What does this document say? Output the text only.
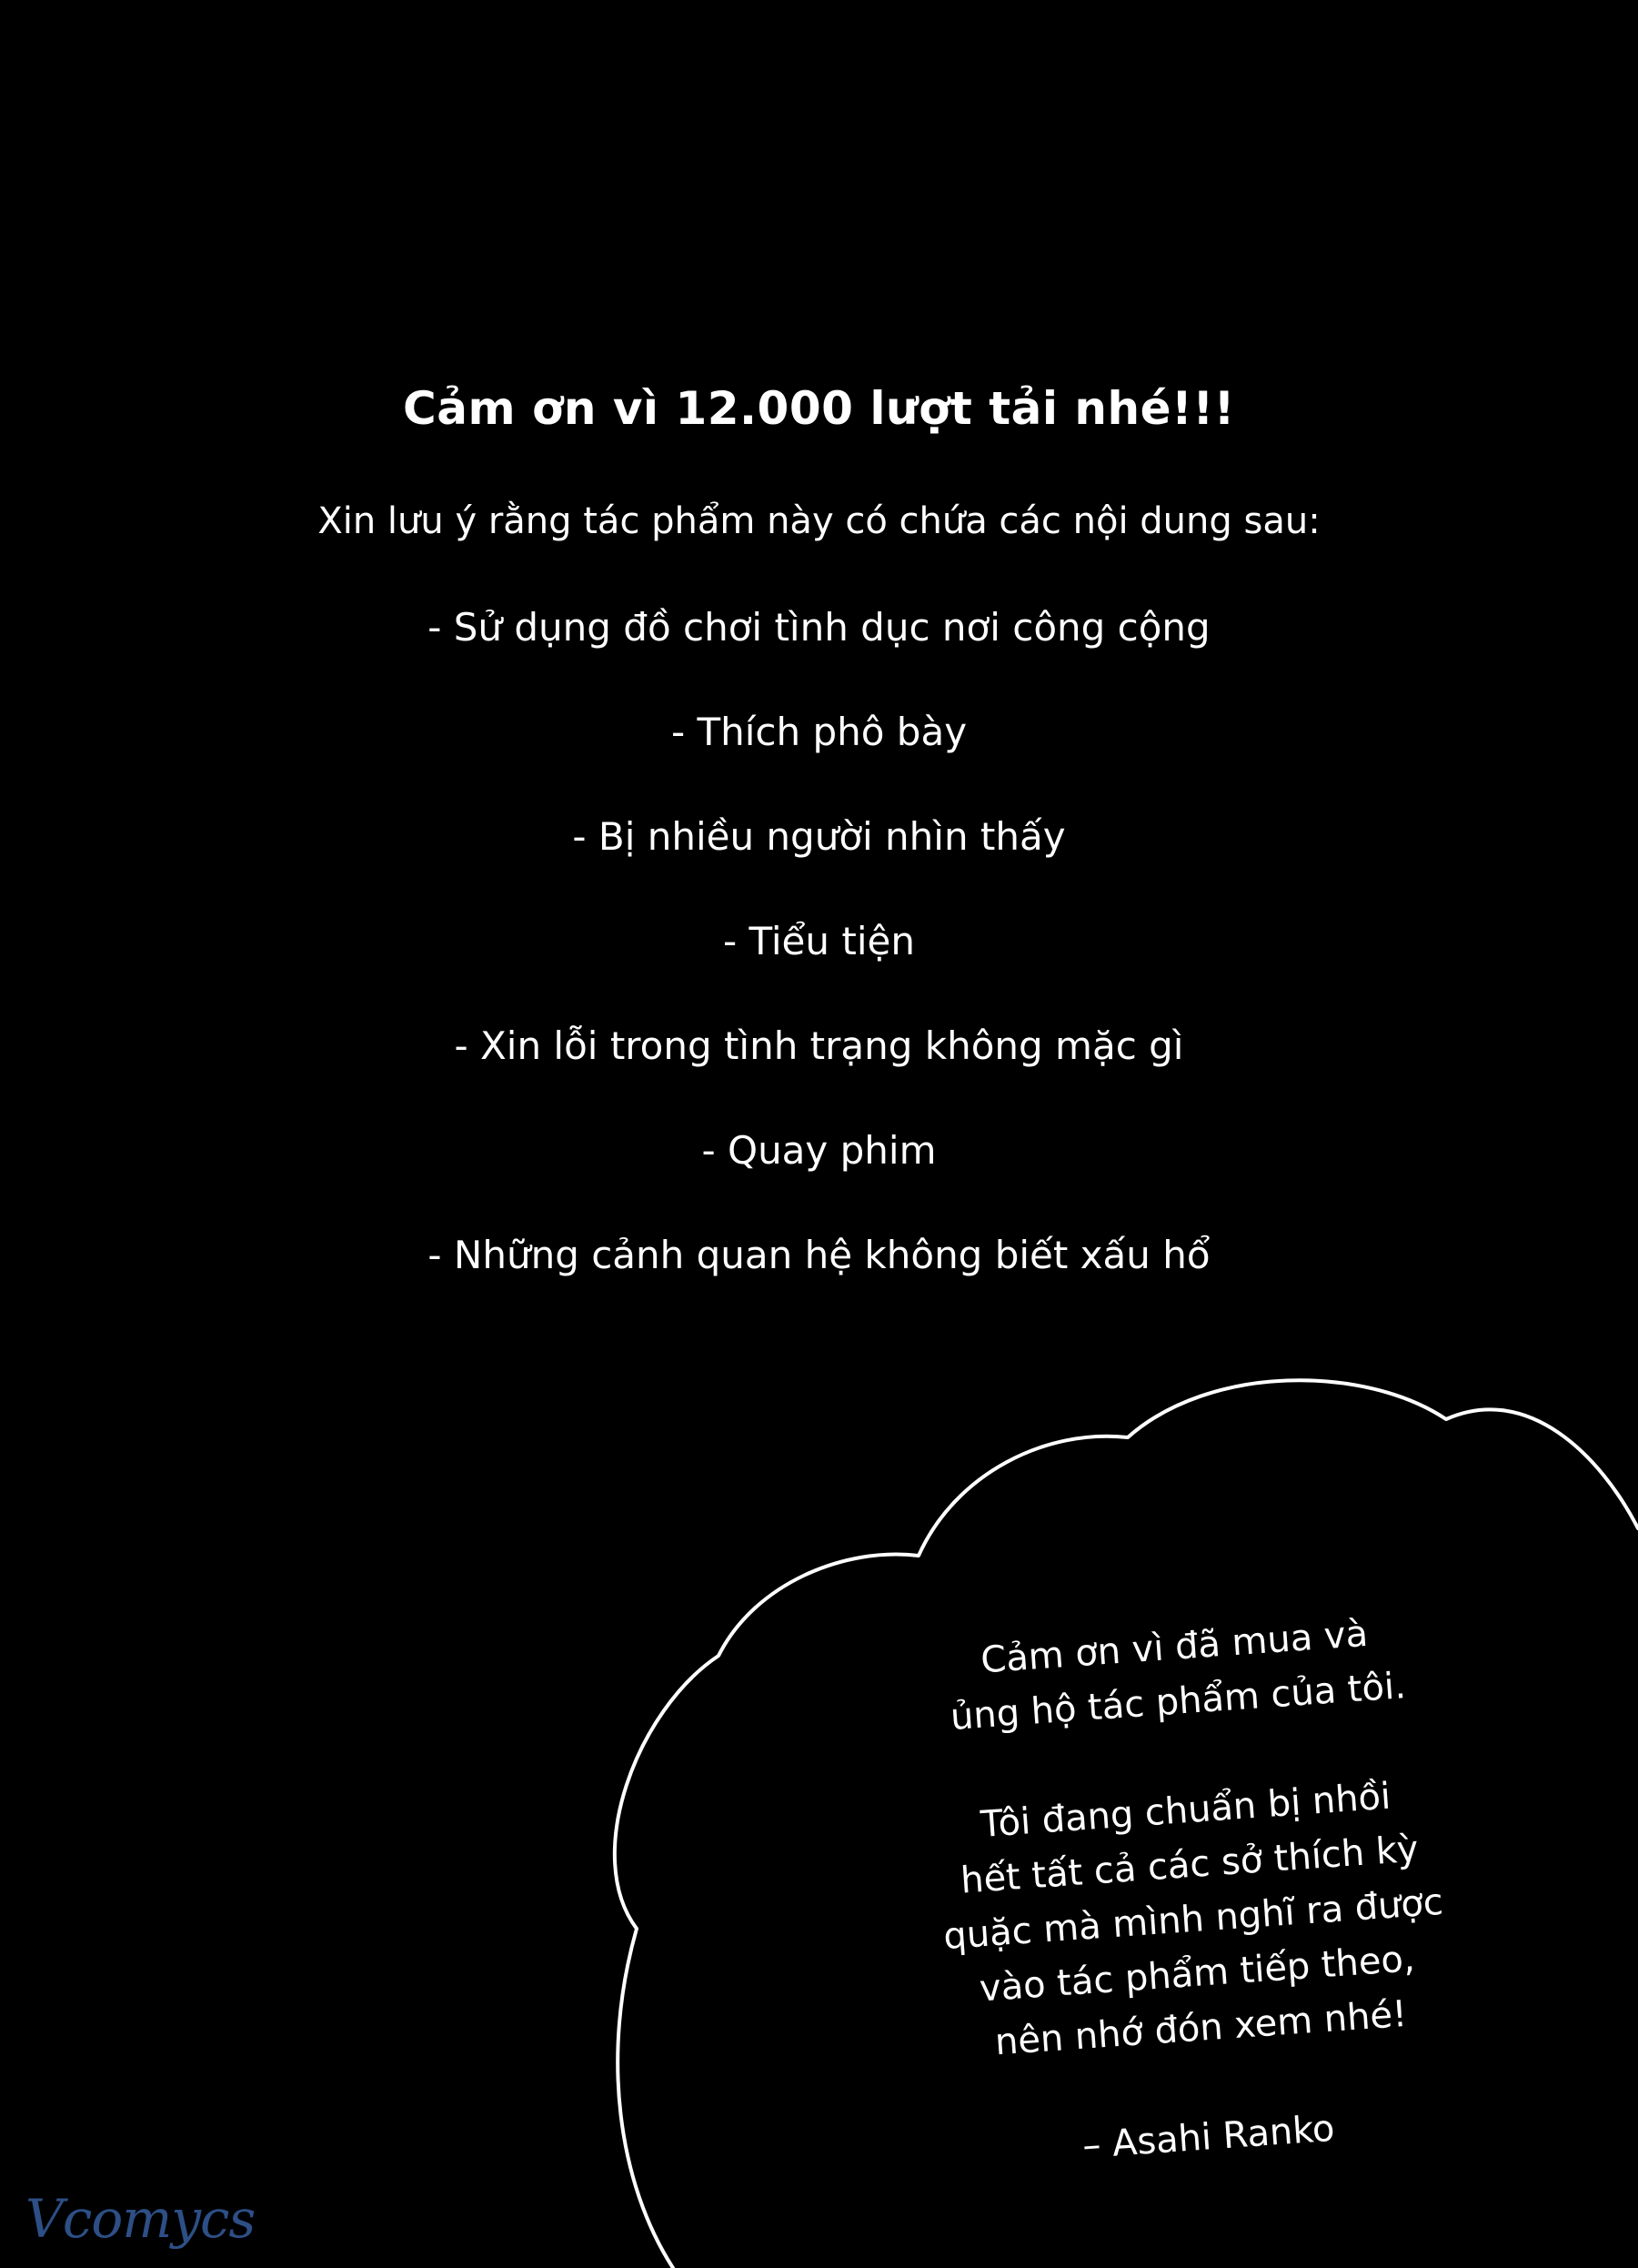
Cảm ơn vì 12.000 lượt tải nhé!!!
Xin lưu ý rằng tác phẩm này có chứa các nội dung sau:
- Sử dụng đồ chơi tình dục nơi công cộng
- Thích phô bày
- Bị nhiều người nhìn thấy
- Tiểu tiện
- Xin lỗi trong tình trạng không mặc gì
- Quay phim
- Những cảnh quan hệ không biết xấu hổ

Cảm ơn vì đã mua và

ủng hộ tác phẩm của tôi.

Tôi đang chuẩn bị nhồi

hết tất cả các sở thích kỳ

quặc mà mình nghĩ ra được

vào tác phẩm tiếp theo,

nên nhớ đón xem nhé!

– Asahi Ranko

Vcomycs
